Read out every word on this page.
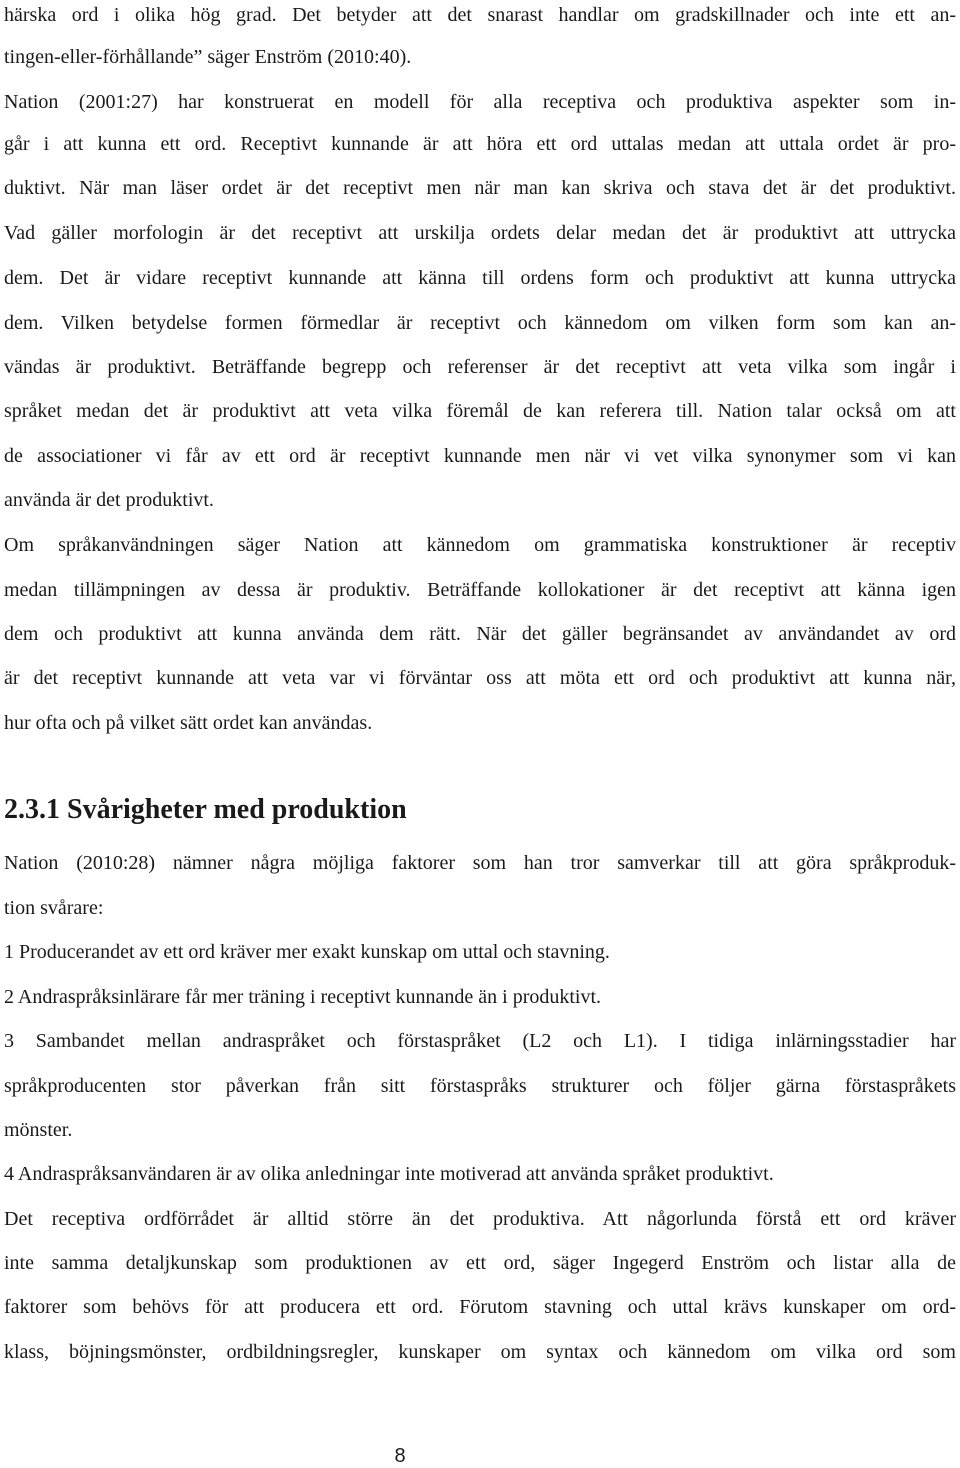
härska ord i olika hög grad. Det betyder att det snarast handlar om gradskillnader och inte ett an-
tingen-eller-förhållande” säger Enström (2010:40).
Nation (2001:27) har konstruerat en modell för alla receptiva och produktiva aspekter som in-
går i att kunna ett ord. Receptivt kunnande är att höra ett ord uttalas medan att uttala ordet är pro-
duktivt. När man läser ordet är det receptivt men när man kan skriva och stava det är det produktivt.
Vad gäller morfologin är det receptivt att urskilja ordets delar medan det är produktivt att uttrycka
dem. Det är vidare receptivt kunnande att känna till ordens form och produktivt att kunna uttrycka
dem. Vilken betydelse formen förmedlar är receptivt och kännedom om vilken form som kan an-
vändas är produktivt. Beträffande begrepp och referenser är det receptivt att veta vilka som ingår i
språket medan det är produktivt att veta vilka föremål de kan referera till. Nation talar också om att
de associationer vi får av ett ord är receptivt kunnande men när vi vet vilka synonymer som vi kan
använda är det produktivt.
Om språkanvändningen säger Nation att kännedom om grammatiska konstruktioner är receptiv
medan tillämpningen av dessa är produktiv. Beträffande kollokationer är det receptivt att känna igen
dem och produktivt att kunna använda dem rätt. När det gäller begränsandet av användandet av ord
är det receptivt kunnande att veta var vi förväntar oss att möta ett ord och produktivt att kunna när,
hur ofta och på vilket sätt ordet kan användas.
2.3.1 Svårigheter med produktion
Nation (2010:28) nämner några möjliga faktorer som han tror samverkar till att göra språkproduk-
tion svårare:
1 Producerandet av ett ord kräver mer exakt kunskap om uttal och stavning.
2 Andraspråksinlärare får mer träning i receptivt kunnande än i produktivt.
3 Sambandet mellan andraspråket och förstaspråket (L2 och L1). I tidiga inlärningsstadier har
språkproducenten stor påverkan från sitt förstaspråks strukturer och följer gärna förstaspråkets
mönster.
4 Andraspråksanvändaren är av olika anledningar inte motiverad att använda språket produktivt.
Det receptiva ordförrådet är alltid större än det produktiva. Att någorlunda förstå ett ord kräver
inte samma detaljkunskap som produktionen av ett ord, säger Ingegerd Enström och listar alla de
faktorer som behövs för att producera ett ord. Förutom stavning och uttal krävs kunskaper om ord-
klass, böjningsmönster, ordbildningsregler, kunskaper om syntax och kännedom om vilka ord som
8
